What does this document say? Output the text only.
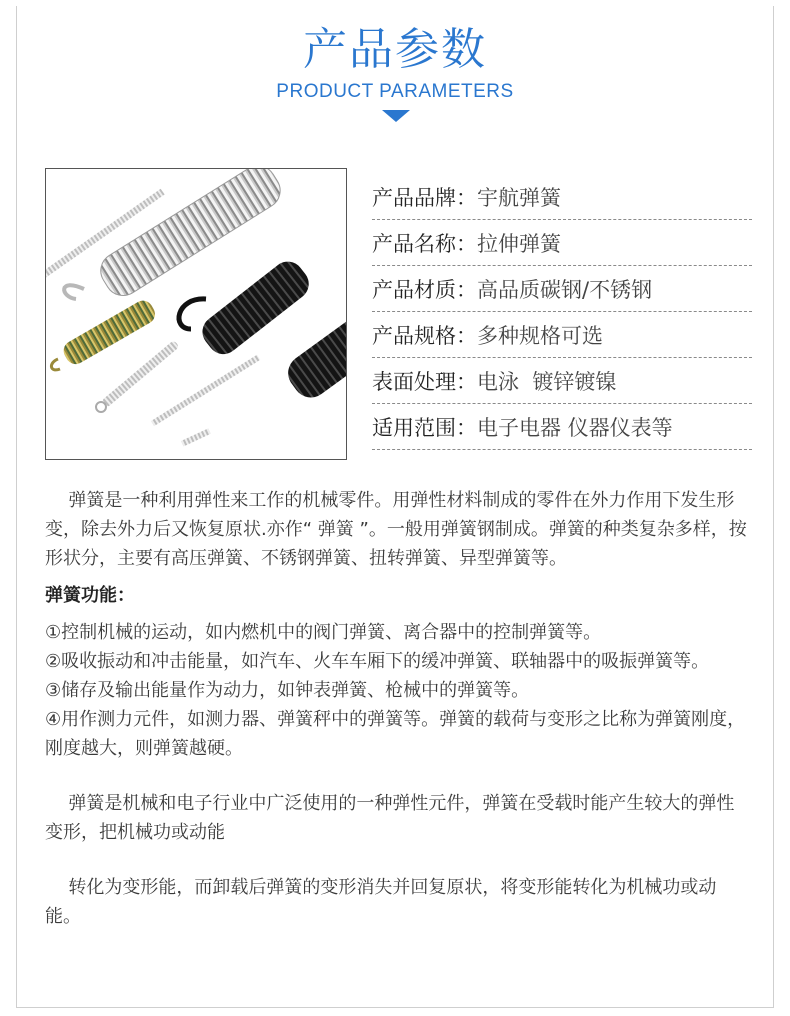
产品参数
PRODUCT PARAMETERS
产品品牌：宇航弹簧
产品名称：拉伸弹簧
产品材质：高品质碳钢/不锈钢
产品规格：多种规格可选
表面处理：电泳  镀锌镀镍
适用范围：电子电器 仪器仪表等

弹簧是一种利用弹性来工作的机械零件。用弹性材料制成的零件在外力作用下发生形变，除去外力后又恢复原状.亦作“ 弹簧 ”。一般用弹簧钢制成。弹簧的种类复杂多样，按形状分，主要有高压弹簧、不锈钢弹簧、扭转弹簧、异型弹簧等。

弹簧功能：

①控制机械的运动，如内燃机中的阀门弹簧、离合器中的控制弹簧等。

②吸收振动和冲击能量，如汽车、火车车厢下的缓冲弹簧、联轴器中的吸振弹簧等。

③储存及输出能量作为动力，如钟表弹簧、枪械中的弹簧等。

④用作测力元件，如测力器、弹簧秤中的弹簧等。弹簧的载荷与变形之比称为弹簧刚度，刚度越大，则弹簧越硬。

弹簧是机械和电子行业中广泛使用的一种弹性元件，弹簧在受载时能产生较大的弹性变形，把机械功或动能

转化为变形能，而卸载后弹簧的变形消失并回复原状，将变形能转化为机械功或动能。
